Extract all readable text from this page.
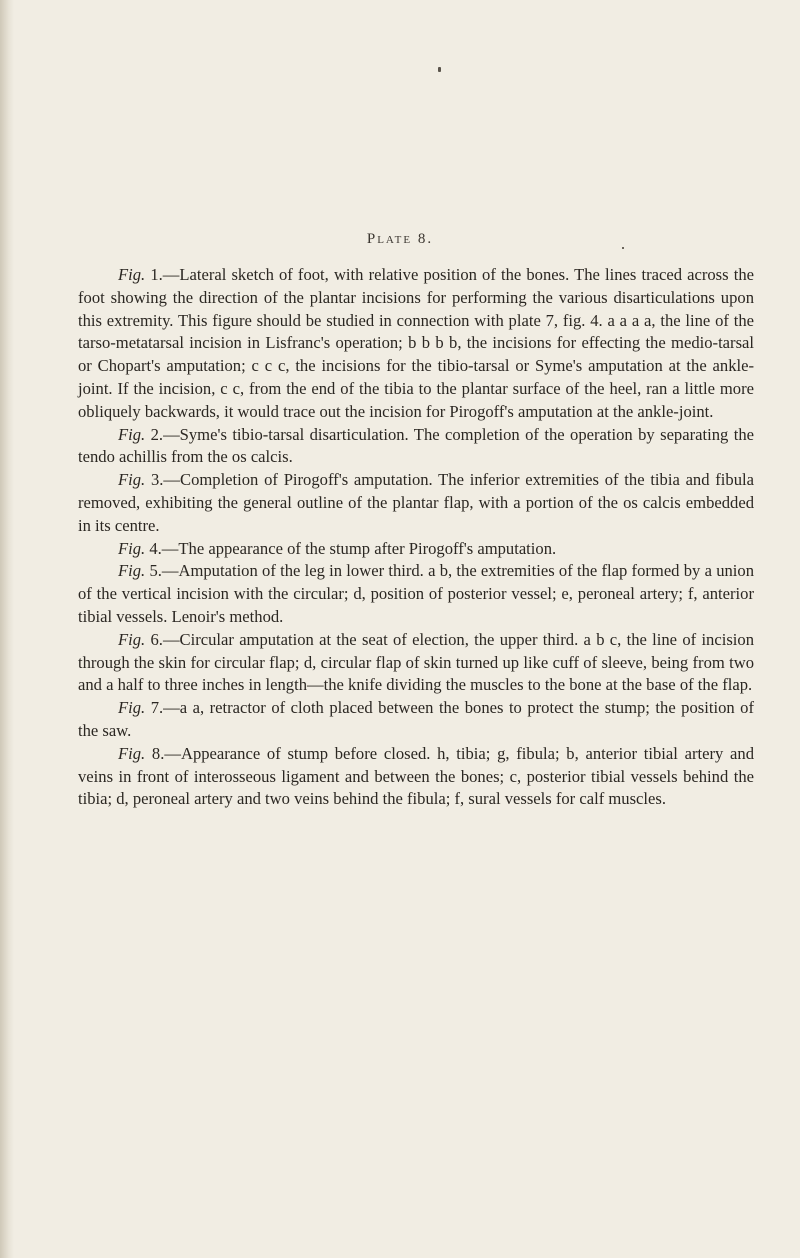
Plate 8.

Fig. 1.—Lateral sketch of foot, with relative position of the bones. The lines traced across the foot showing the direction of the plantar incisions for performing the various disarticulations upon this extremity. This figure should be studied in connection with plate 7, fig. 4. a a a a, the line of the tarso-metatarsal incision in Lisfranc's operation; b b b b, the incisions for effecting the medio-tarsal or Chopart's amputation; c c c, the incisions for the tibio-tarsal or Syme's amputation at the ankle-joint. If the incision, c c, from the end of the tibia to the plantar surface of the heel, ran a little more obliquely backwards, it would trace out the incision for Pirogoff's amputation at the ankle-joint.

Fig. 2.—Syme's tibio-tarsal disarticulation. The completion of the operation by separating the tendo achillis from the os calcis.

Fig. 3.—Completion of Pirogoff's amputation. The inferior extremities of the tibia and fibula removed, exhibiting the general outline of the plantar flap, with a portion of the os calcis embedded in its centre.

Fig. 4.—The appearance of the stump after Pirogoff's amputation.

Fig. 5.—Amputation of the leg in lower third. a b, the extremities of the flap formed by a union of the vertical incision with the circular; d, position of posterior vessel; e, peroneal artery; f, anterior tibial vessels. Lenoir's method.

Fig. 6.—Circular amputation at the seat of election, the upper third. a b c, the line of incision through the skin for circular flap; d, circular flap of skin turned up like cuff of sleeve, being from two and a half to three inches in length—the knife dividing the muscles to the bone at the base of the flap.

Fig. 7.—a a, retractor of cloth placed between the bones to protect the stump; the position of the saw.

Fig. 8.—Appearance of stump before closed. h, tibia; g, fibula; b, anterior tibial artery and veins in front of interosseous ligament and between the bones; c, posterior tibial vessels behind the tibia; d, peroneal artery and two veins behind the fibula; f, sural vessels for calf muscles.
